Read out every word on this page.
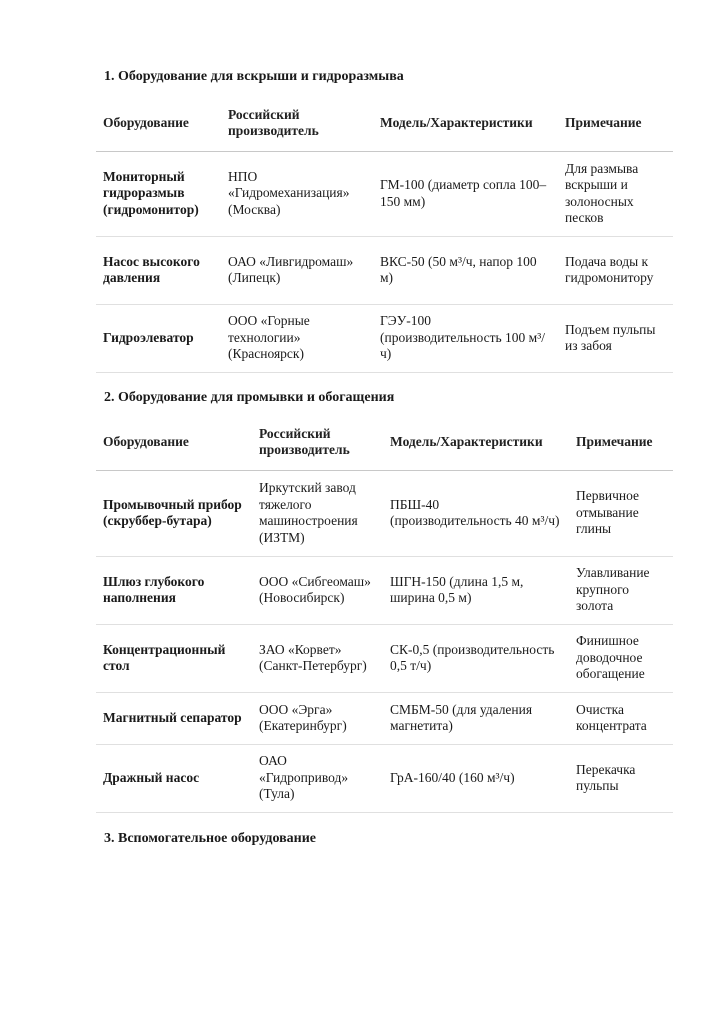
1. Оборудование для вскрыши и гидроразмыва
Оборудование	Российский производитель	Модель/Характеристики	Примечание
Мониторный гидроразмыв (гидромонитор)	НПО «Гидромеханизация» (Москва)	ГМ-100 (диаметр сопла 100–150 мм)	Для размыва вскрыши и золоносных песков
Насос высокого давления	ОАО «Ливгидромаш» (Липецк)	ВКС-50 (50 м³/ч, напор 100 м)	Подача воды к гидромонитору
Гидроэлеватор	ООО «Горные технологии» (Красноярск)	ГЭУ-100 (производительность 100 м³/ч)	Подъем пульпы из забоя
2. Оборудование для промывки и обогащения
Оборудование	Российский производитель	Модель/Характеристики	Примечание
Промывочный прибор (скруббер-бутара)	Иркутский завод тяжелого машиностроения (ИЗТМ)	ПБШ-40 (производительность 40 м³/ч)	Первичное отмывание глины
Шлюз глубокого наполнения	ООО «Сибгеомаш» (Новосибирск)	ШГН-150 (длина 1,5 м, ширина 0,5 м)	Улавливание крупного золота
Концентрационный стол	ЗАО «Корвет» (Санкт-Петербург)	СК-0,5 (производительность 0,5 т/ч)	Финишное доводочное обогащение
Магнитный сепаратор	ООО «Эрга» (Екатеринбург)	СМБМ-50 (для удаления магнетита)	Очистка концентрата
Дражный насос	ОАО «Гидропривод» (Тула)	ГрА-160/40 (160 м³/ч)	Перекачка пульпы
3. Вспомогательное оборудование
